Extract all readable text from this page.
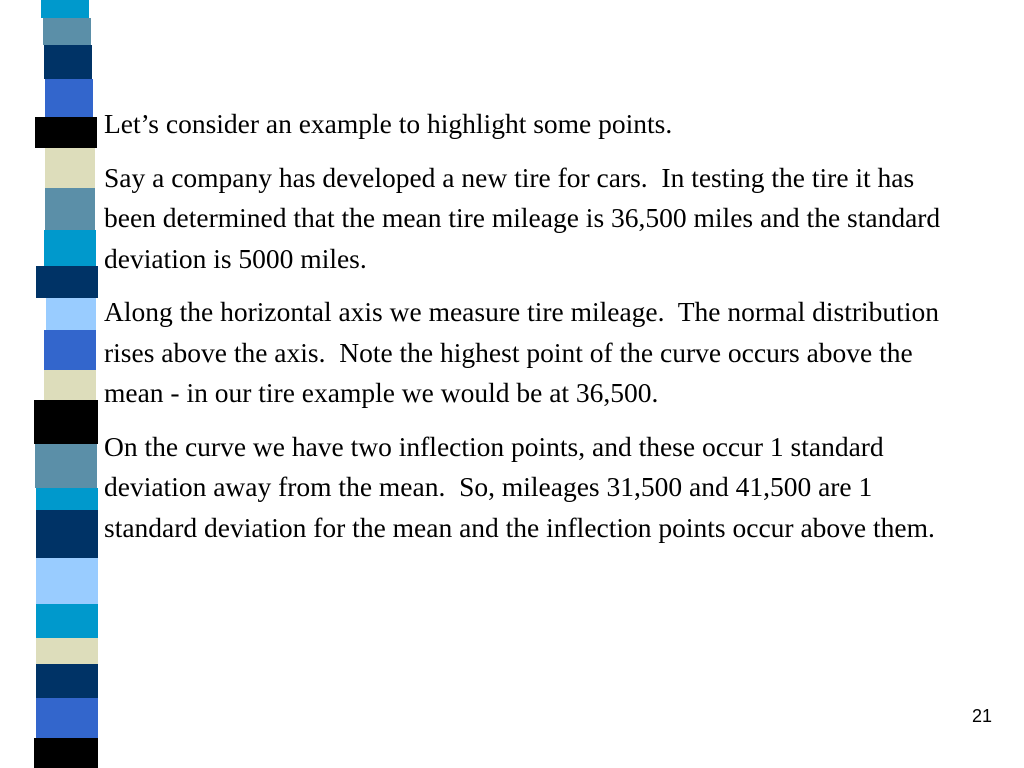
Let’s consider an example to highlight some points.

Say a company has developed a new tire for cars.  In testing the tire it has been determined that the mean tire mileage is 36,500 miles and the standard deviation is 5000 miles.

Along the horizontal axis we measure tire mileage.  The normal distribution rises above the axis.  Note the highest point of the curve occurs above the mean - in our tire example we would be at 36,500.

On the curve we have two inflection points, and these occur 1 standard deviation away from the mean.  So, mileages 31,500 and 41,500 are 1 standard deviation for the mean and the inflection points occur above them.

21
